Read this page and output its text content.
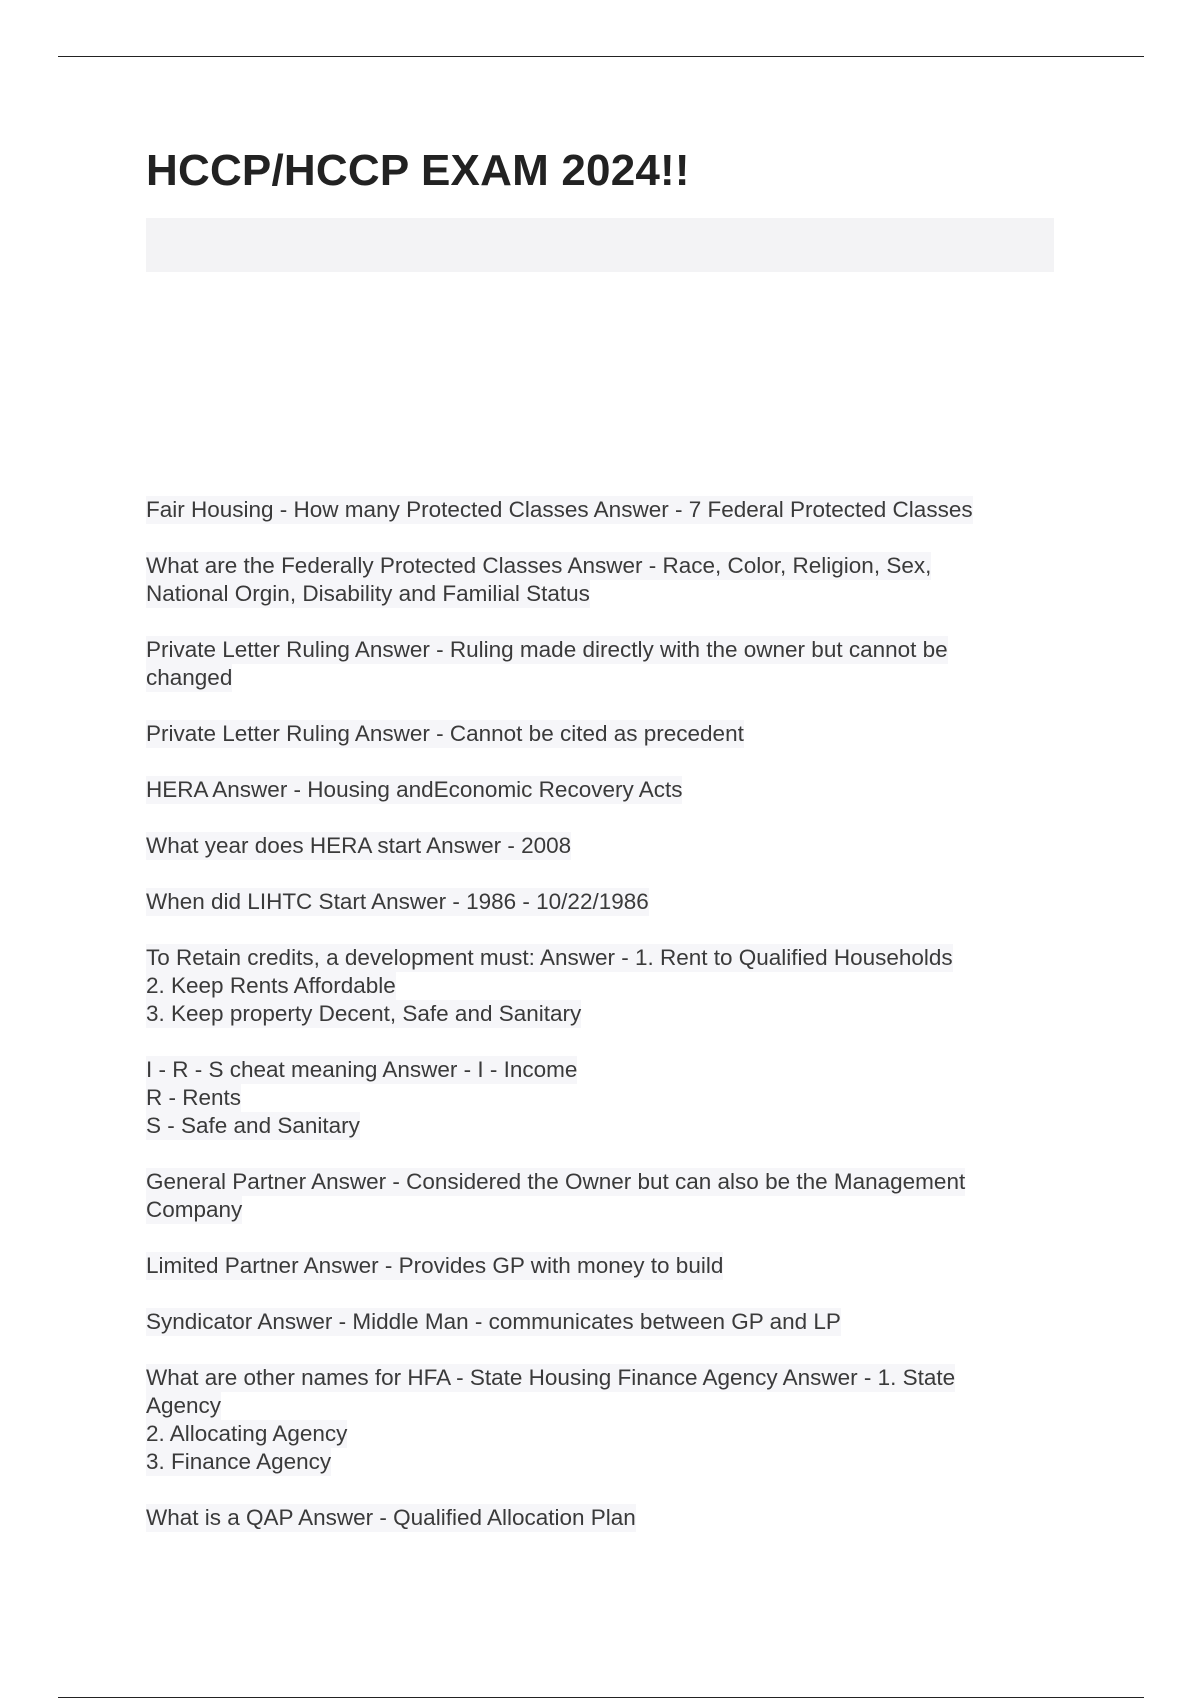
HCCP/HCCP EXAM 2024!!
Fair Housing - How many Protected Classes Answer - 7 Federal Protected Classes
What are the Federally Protected Classes Answer - Race, Color, Religion, Sex,
National Orgin, Disability and Familial Status
Private Letter Ruling Answer - Ruling made directly with the owner but cannot be
changed
Private Letter Ruling Answer - Cannot be cited as precedent
HERA Answer - Housing andEconomic Recovery Acts
What year does HERA start Answer - 2008
When did LIHTC Start Answer - 1986 - 10/22/1986
To Retain credits, a development must: Answer - 1. Rent to Qualified Households
2. Keep Rents Affordable
3. Keep property Decent, Safe and Sanitary
I - R - S cheat meaning Answer - I - Income
R - Rents
S - Safe and Sanitary
General Partner Answer - Considered the Owner but can also be the Management
Company
Limited Partner Answer - Provides GP with money to build
Syndicator Answer - Middle Man - communicates between GP and LP
What are other names for HFA - State Housing Finance Agency Answer - 1. State
Agency
2. Allocating Agency
3. Finance Agency
What is a QAP Answer - Qualified Allocation Plan
